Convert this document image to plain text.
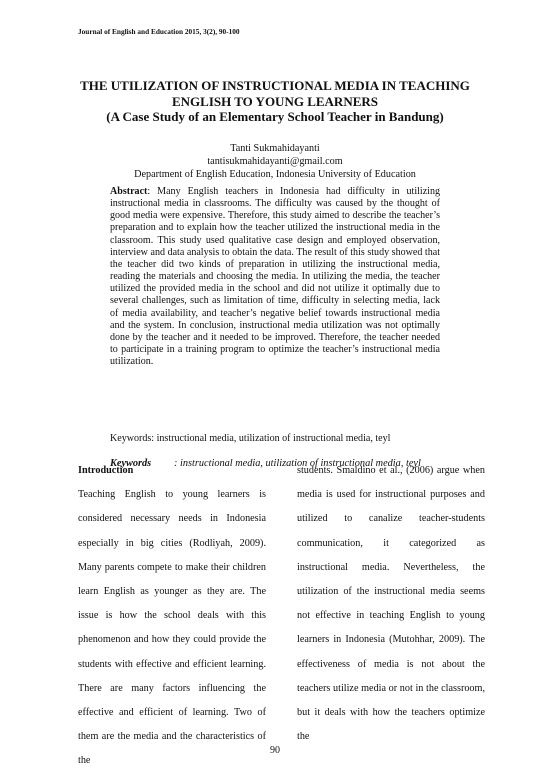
Journal of English and Education 2015, 3(2), 90-100
THE UTILIZATION OF INSTRUCTIONAL MEDIA IN TEACHING
ENGLISH TO YOUNG LEARNERS
(A Case Study of an Elementary School Teacher in Bandung)
Tanti Sukmahidayanti
tantisukmahidayanti@gmail.com
Department of English Education, Indonesia University of Education
Abstract: Many English teachers in Indonesia had difficulty in utilizing instructional media in classrooms. The difficulty was caused by the thought of good media were expensive. Therefore, this study aimed to describe the teacher’s preparation and to explain how the teacher utilized the instructional media in the classroom. This study used qualitative case design and employed observation, interview and data analysis to obtain the data. The result of this study showed that the teacher did two kinds of preparation in utilizing the instructional media, reading the materials and choosing the media. In utilizing the media, the teacher utilized the provided media in the school and did not utilize it optimally due to several challenges, such as limitation of time, difficulty in selecting media, lack of media availability, and teacher’s negative belief towards instructional media and the system. In conclusion, instructional media utilization was not optimally done by the teacher and it needed to be improved. Therefore, the teacher needed to participate in a training program to optimize the teacher’s instructional media utilization.
Keywords: instructional media, utilization of instructional media, teyl
Keywords : instructional media, utilization of instructional media, teyl
Introduction
Teaching English to young learners is considered necessary needs in Indonesia especially in big cities (Rodliyah, 2009). Many parents compete to make their children learn English as younger as they are. The issue is how the school deals with this phenomenon and how they could provide the students with effective and efficient learning. There are many factors influencing the effective and efficient of learning. Two of them are the media and the characteristics of the
students. Smaldino et al., (2006) argue when media is used for instructional purposes and utilized to canalize teacher-students communication, it categorized as instructional media. Nevertheless, the utilization of the instructional media seems not effective in teaching English to young learners in Indonesia (Mutohhar, 2009). The effectiveness of media is not about the teachers utilize media or not in the classroom, but it deals with how the teachers optimize the
90
